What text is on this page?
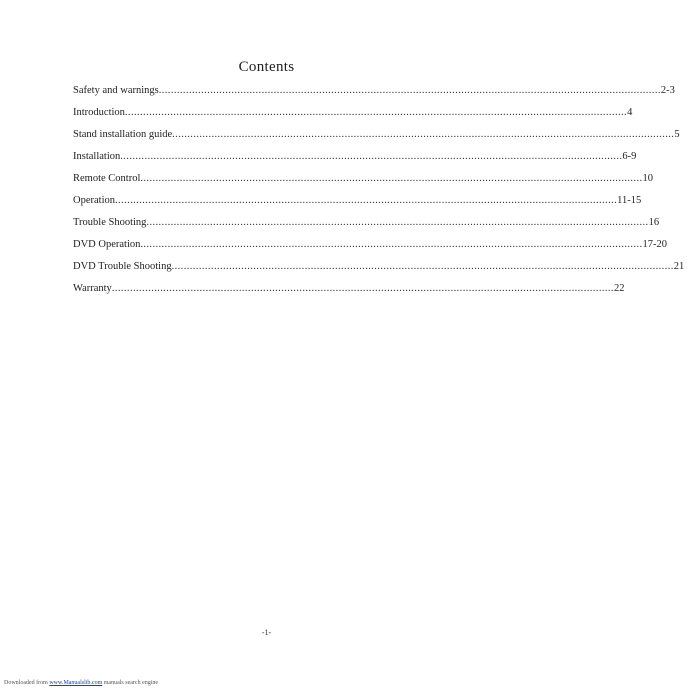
Contents
Safety and warnings ...................................................................................................................................................................... 2-3
Introduction ...................................................................................................................................................................... 4
Stand installation guide ...................................................................................................................................................................... 5
Installation ...................................................................................................................................................................... 6-9
Remote Control ...................................................................................................................................................................... 10
Operation ...................................................................................................................................................................... 11-15
Trouble Shooting ...................................................................................................................................................................... 16
DVD Operation ...................................................................................................................................................................... 17-20
DVD Trouble Shooting ...................................................................................................................................................................... 21
Warranty ...................................................................................................................................................................... 22
-1-
Downloaded from www.Manualslib.com manuals search engine
